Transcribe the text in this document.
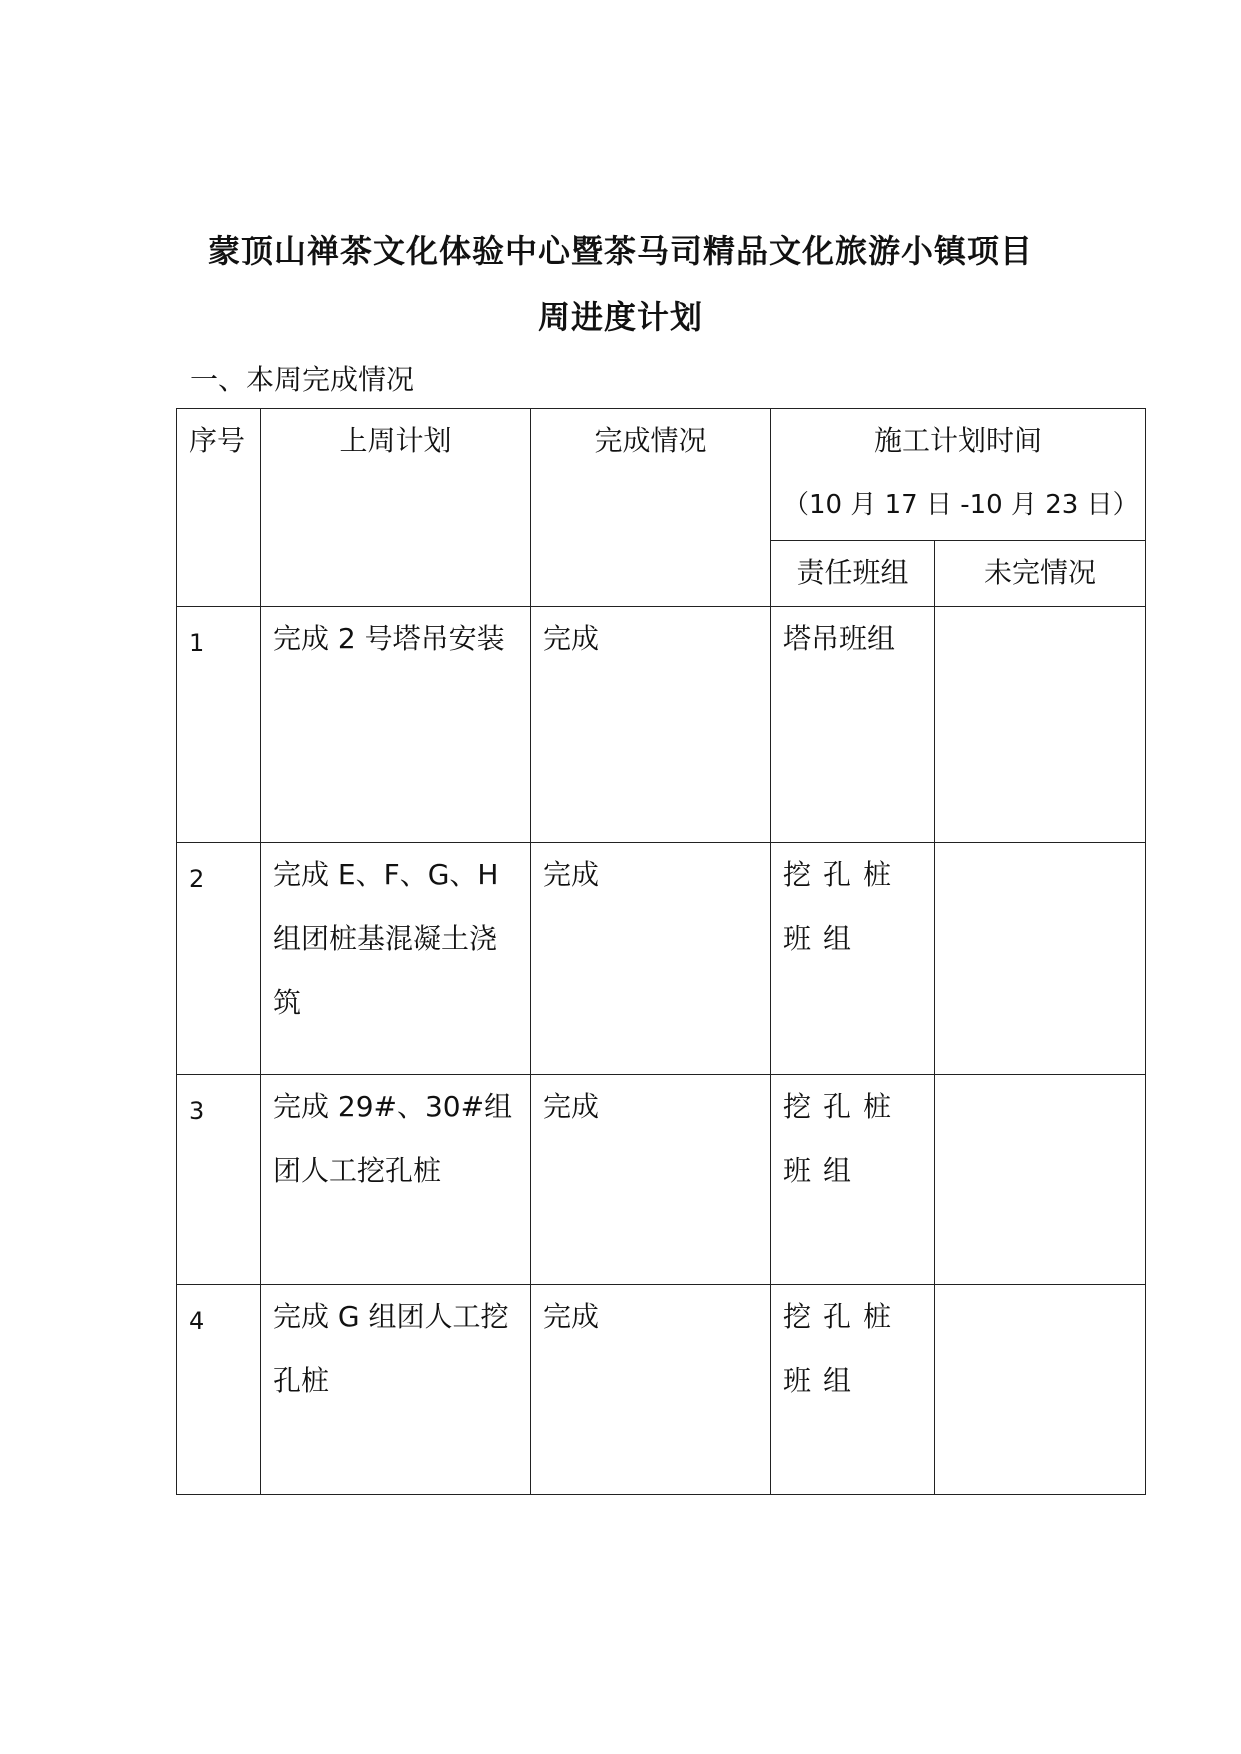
蒙顶山禅茶文化体验中心暨茶马司精品文化旅游小镇项目
周进度计划
一、本周完成情况
序号	上周计划	完成情况	施工计划时间
（10 月 17 日 -10 月 23 日）	

			责任班组	未完情况
1	完成 2 号塔吊安装	完成	塔吊班组	
2	完成 E、F、G、H 组团桩基混凝土浇筑	完成	挖孔桩班组	
3	完成 29#、30#组团人工挖孔桩	完成	挖孔桩班组	
4	完成 G 组团人工挖孔桩	完成	挖孔桩班组	
